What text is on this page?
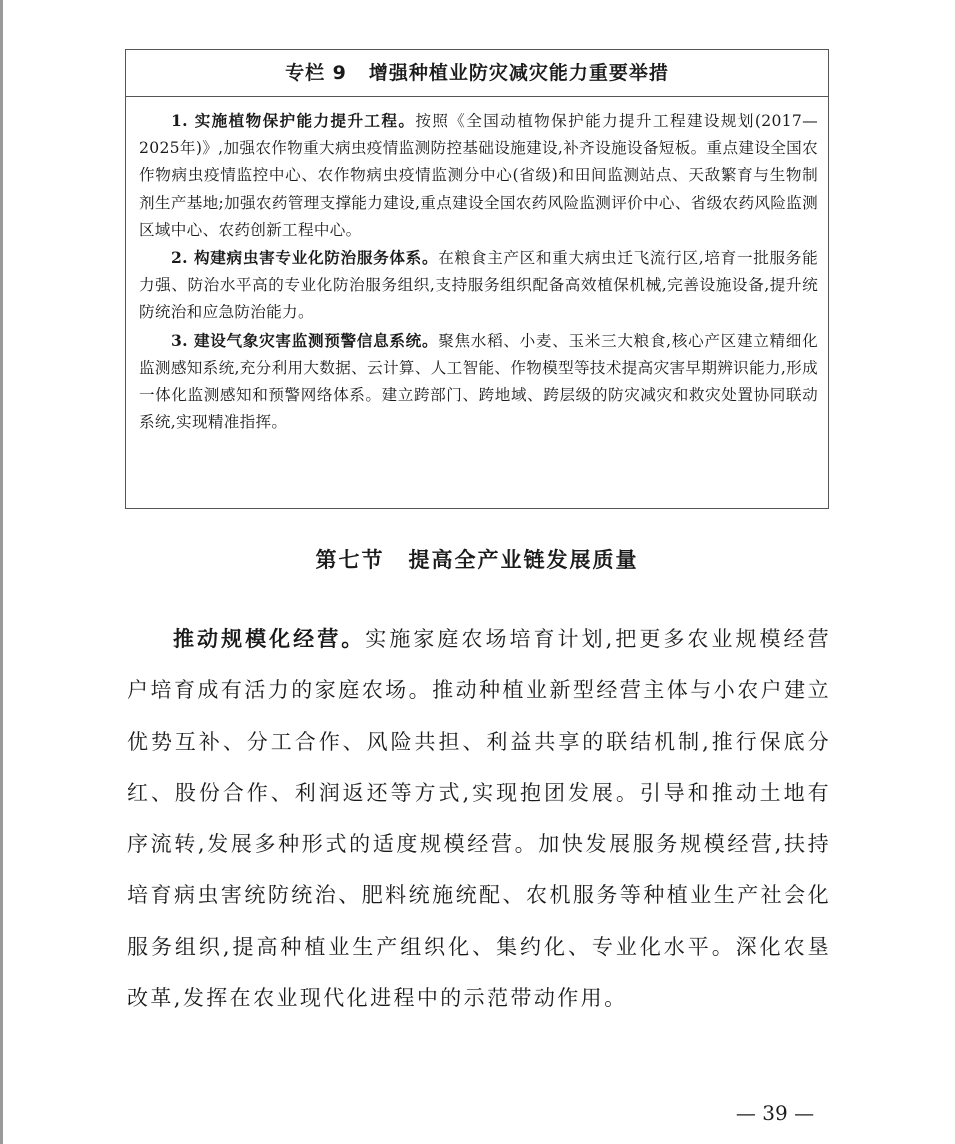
专栏 9 增强种植业防灾减灾能力重要举措

1. 实施植物保护能力提升工程。按照《全国动植物保护能力提升工程建设规划(2017—2025年)》,加强农作物重大病虫疫情监测防控基础设施建设,补齐设施设备短板。重点建设全国农作物病虫疫情监控中心、农作物病虫疫情监测分中心(省级)和田间监测站点、天敌繁育与生物制剂生产基地;加强农药管理支撑能力建设,重点建设全国农药风险监测评价中心、省级农药风险监测区域中心、农药创新工程中心。

2. 构建病虫害专业化防治服务体系。在粮食主产区和重大病虫迁飞流行区,培育一批服务能力强、防治水平高的专业化防治服务组织,支持服务组织配备高效植保机械,完善设施设备,提升统防统治和应急防治能力。

3. 建设气象灾害监测预警信息系统。聚焦水稻、小麦、玉米三大粮食,核心产区建立精细化监测感知系统,充分利用大数据、云计算、人工智能、作物模型等技术提高灾害早期辨识能力,形成一体化监测感知和预警网络体系。建立跨部门、跨地域、跨层级的防灾减灾和救灾处置协同联动系统,实现精准指挥。

第七节 提高全产业链发展质量

推动规模化经营。实施家庭农场培育计划,把更多农业规模经营户培育成有活力的家庭农场。推动种植业新型经营主体与小农户建立优势互补、分工合作、风险共担、利益共享的联结机制,推行保底分红、股份合作、利润返还等方式,实现抱团发展。引导和推动土地有序流转,发展多种形式的适度规模经营。加快发展服务规模经营,扶持培育病虫害统防统治、肥料统施统配、农机服务等种植业生产社会化服务组织,提高种植业生产组织化、集约化、专业化水平。深化农垦改革,发挥在农业现代化进程中的示范带动作用。

— 39 —
